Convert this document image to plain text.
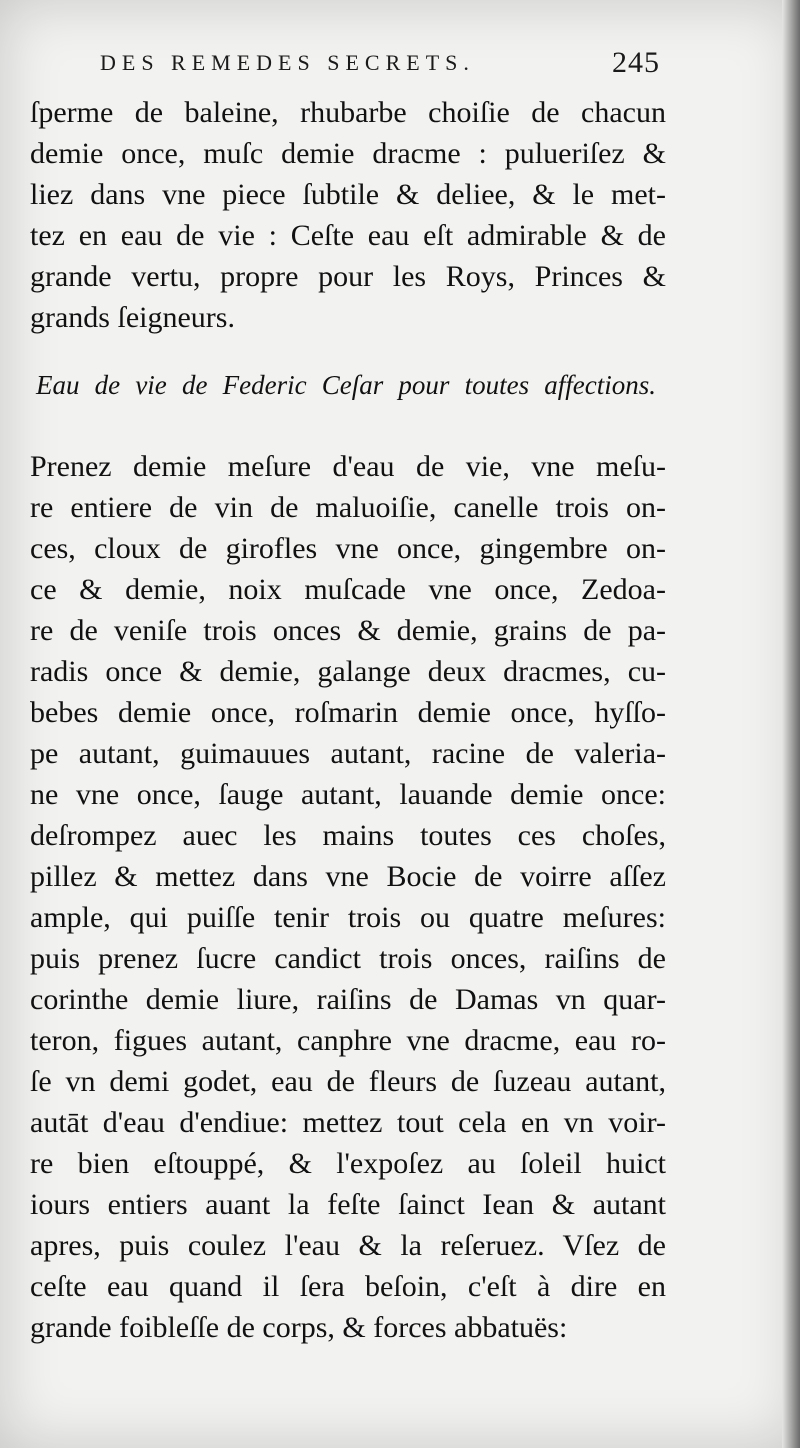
DES REMEDES SECRETS.	245
ſperme de baleine, rhubarbe choiſie de chacun
demie once, muſc demie dracme : pulueriſez &
liez dans vne piece ſubtile & deliee, & le met-
tez en eau de vie : Ceſte eau eſt admirable & de
grande vertu, propre pour les Roys, Princes &
grands ſeigneurs.
Eau de vie de Federic Ceſar pour toutes affections.
Prenez demie meſure d'eau de vie, vne meſu-
re entiere de vin de maluoiſie, canelle trois on-
ces, cloux de girofles vne once, gingembre on-
ce & demie, noix muſcade vne once, Zedoa-
re de veniſe trois onces & demie, grains de pa-
radis once & demie, galange deux dracmes, cu-
bebes demie once, roſmarin demie once, hyſſo-
pe autant, guimauues autant, racine de valeria-
ne vne once, ſauge autant, lauande demie once:
deſrompez auec les mains toutes ces choſes,
pillez & mettez dans vne Bocie de voirre aſſez
ample, qui puiſſe tenir trois ou quatre meſures:
puis prenez ſucre candict trois onces, raiſins de
corinthe demie liure, raiſins de Damas vn quar-
teron, figues autant, canphre vne dracme, eau ro-
ſe vn demi godet, eau de fleurs de ſuzeau autant,
autāt d'eau d'endiue: mettez tout cela en vn voir-
re bien eſtouppé, & l'expoſez au ſoleil huict
iours entiers auant la feſte ſainct Iean & autant
apres, puis coulez l'eau & la reſeruez. Vſez de
ceſte eau quand il ſera beſoin, c'eſt à dire en
grande foibleſſe de corps, & forces abbatuës:
